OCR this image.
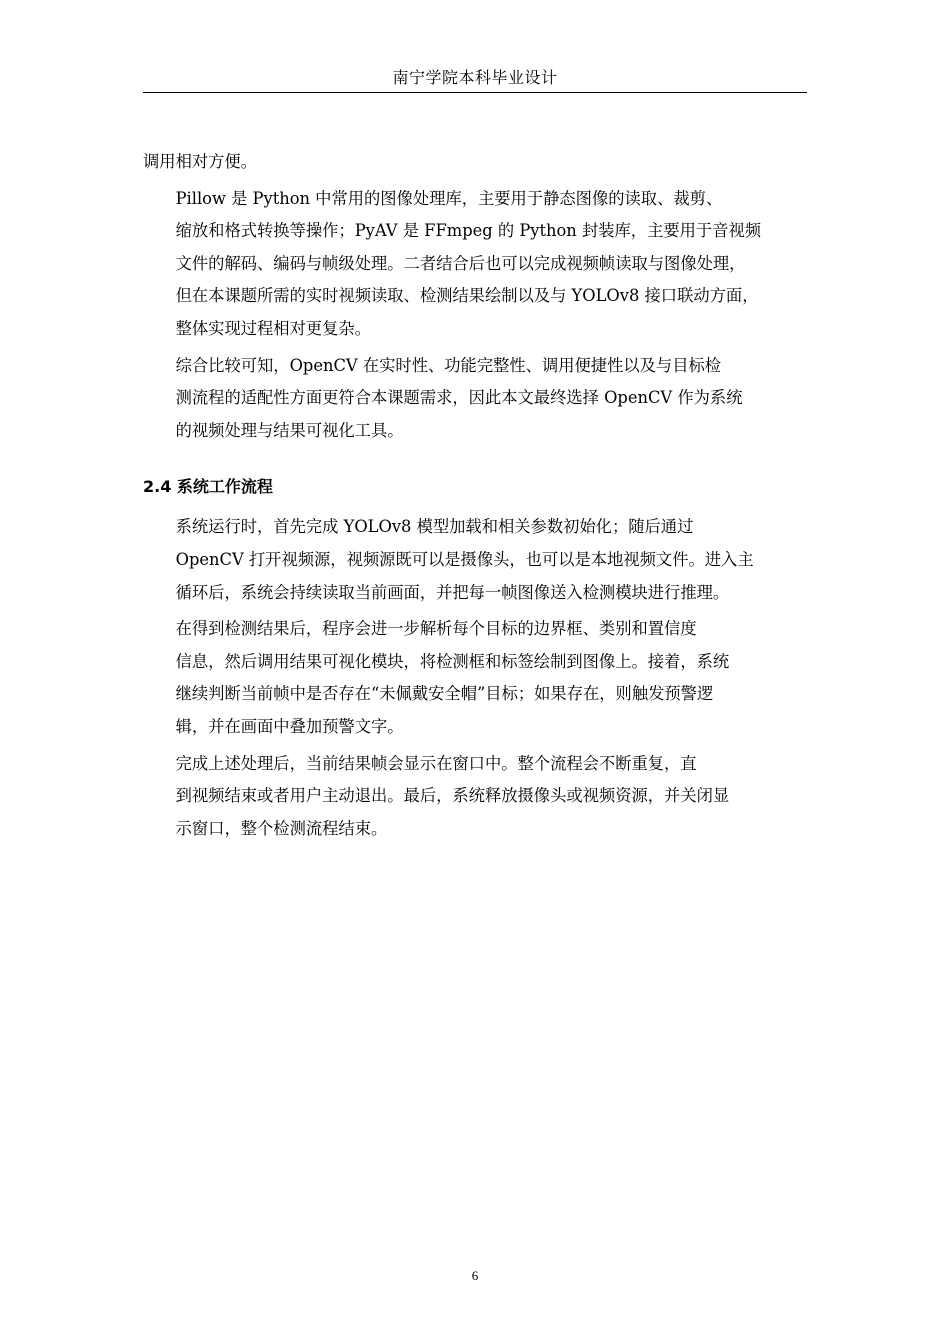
南宁学院本科毕业设计

调用相对方便。

Pillow 是 Python 中常用的图像处理库，主要用于静态图像的读取、裁剪、
缩放和格式转换等操作；PyAV 是 FFmpeg 的 Python 封装库，主要用于音视频
文件的解码、编码与帧级处理。二者结合后也可以完成视频帧读取与图像处理，
但在本课题所需的实时视频读取、检测结果绘制以及与 YOLOv8 接口联动方面，
整体实现过程相对更复杂。

综合比较可知，OpenCV 在实时性、功能完整性、调用便捷性以及与目标检
测流程的适配性方面更符合本课题需求，因此本文最终选择 OpenCV 作为系统
的视频处理与结果可视化工具。

2.4 系统工作流程

系统运行时，首先完成 YOLOv8 模型加载和相关参数初始化；随后通过
OpenCV 打开视频源，视频源既可以是摄像头，也可以是本地视频文件。进入主
循环后，系统会持续读取当前画面，并把每一帧图像送入检测模块进行推理。

在得到检测结果后，程序会进一步解析每个目标的边界框、类别和置信度
信息，然后调用结果可视化模块，将检测框和标签绘制到图像上。接着，系统
继续判断当前帧中是否存在“未佩戴安全帽”目标；如果存在，则触发预警逻
辑，并在画面中叠加预警文字。

完成上述处理后，当前结果帧会显示在窗口中。整个流程会不断重复，直
到视频结束或者用户主动退出。最后，系统释放摄像头或视频资源，并关闭显
示窗口，整个检测流程结束。

6
